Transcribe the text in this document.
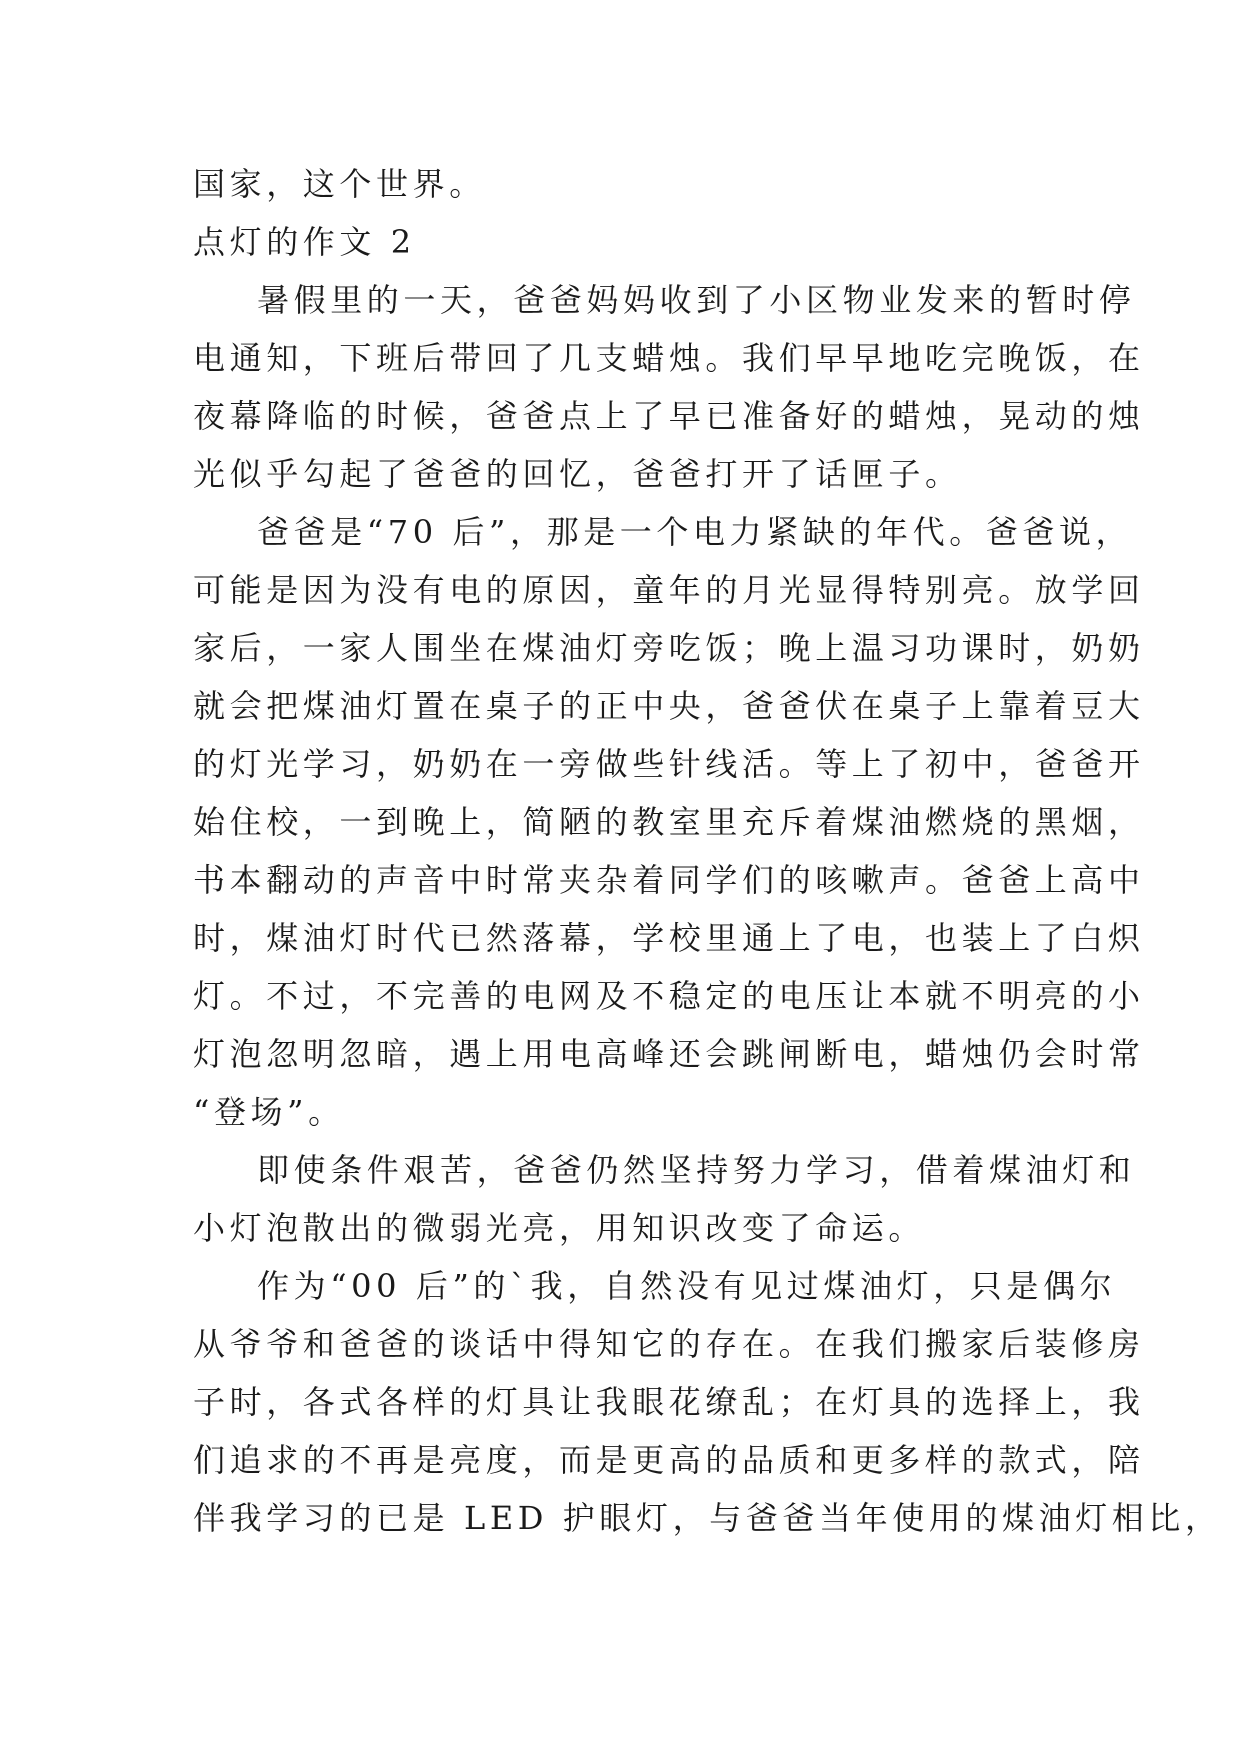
国家，这个世界。
点灯的作文 2
暑假里的一天，爸爸妈妈收到了小区物业发来的暂时停
电通知，下班后带回了几支蜡烛。我们早早地吃完晚饭，在
夜幕降临的时候，爸爸点上了早已准备好的蜡烛，晃动的烛
光似乎勾起了爸爸的回忆，爸爸打开了话匣子。
爸爸是“70 后”，那是一个电力紧缺的年代。爸爸说，
可能是因为没有电的原因，童年的月光显得特别亮。放学回
家后，一家人围坐在煤油灯旁吃饭；晚上温习功课时，奶奶
就会把煤油灯置在桌子的正中央，爸爸伏在桌子上靠着豆大
的灯光学习，奶奶在一旁做些针线活。等上了初中，爸爸开
始住校，一到晚上，简陋的教室里充斥着煤油燃烧的黑烟，
书本翻动的声音中时常夹杂着同学们的咳嗽声。爸爸上高中
时，煤油灯时代已然落幕，学校里通上了电，也装上了白炽
灯。不过，不完善的电网及不稳定的电压让本就不明亮的小
灯泡忽明忽暗，遇上用电高峰还会跳闸断电，蜡烛仍会时常
“登场”。
即使条件艰苦，爸爸仍然坚持努力学习，借着煤油灯和
小灯泡散出的微弱光亮，用知识改变了命运。
作为“00 后”的`我，自然没有见过煤油灯，只是偶尔
从爷爷和爸爸的谈话中得知它的存在。在我们搬家后装修房
子时，各式各样的灯具让我眼花缭乱；在灯具的选择上，我
们追求的不再是亮度，而是更高的品质和更多样的款式，陪
伴我学习的已是 LED 护眼灯，与爸爸当年使用的煤油灯相比，
